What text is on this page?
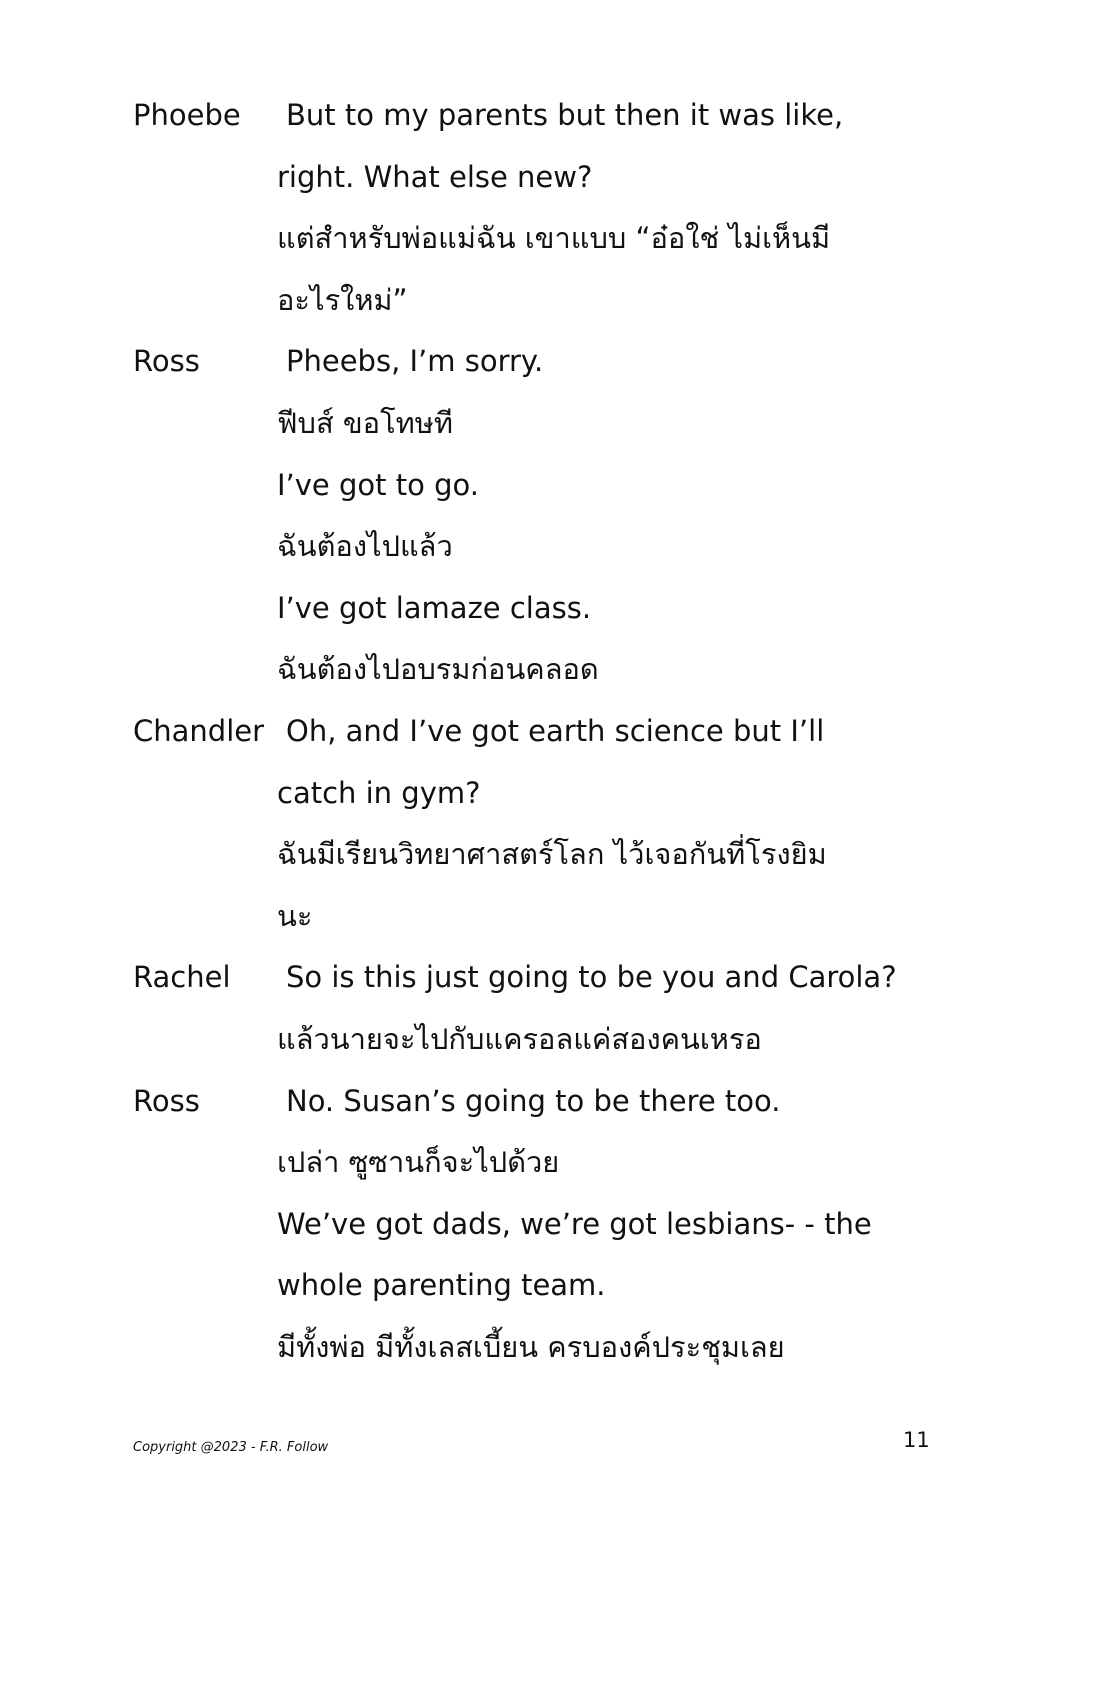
Phoebe But to my parents but then it was like,
right. What else new?
แต่สำหรับพ่อแม่ฉัน เขาแบบ “อ๋อใช่ ไม่เห็นมี
อะไรใหม่”
Ross	Pheebs, I’m sorry.
ฟีบส์ ขอโทษที
I’ve got to go.
ฉันต้องไปแล้ว
I’ve got lamaze class.
ฉันต้องไปอบรมก่อนคลอด
Chandler Oh, and I’ve got earth science but I’ll
catch in gym?
ฉันมีเรียนวิทยาศาสตร์โลก ไว้เจอกันที่โรงยิม
นะ
Rachel So is this just going to be you and Carola?
แล้วนายจะไปกับแครอลแค่สองคนเหรอ
Ross	No. Susan’s going to be there too.
เปล่า ซูซานก็จะไปด้วย
We’ve got dads, we’re got lesbians- - the
whole parenting team.
มีทั้งพ่อ มีทั้งเลสเบี้ยน ครบองค์ประชุมเลย
Copyright @2023 - F.R. Follow	11
